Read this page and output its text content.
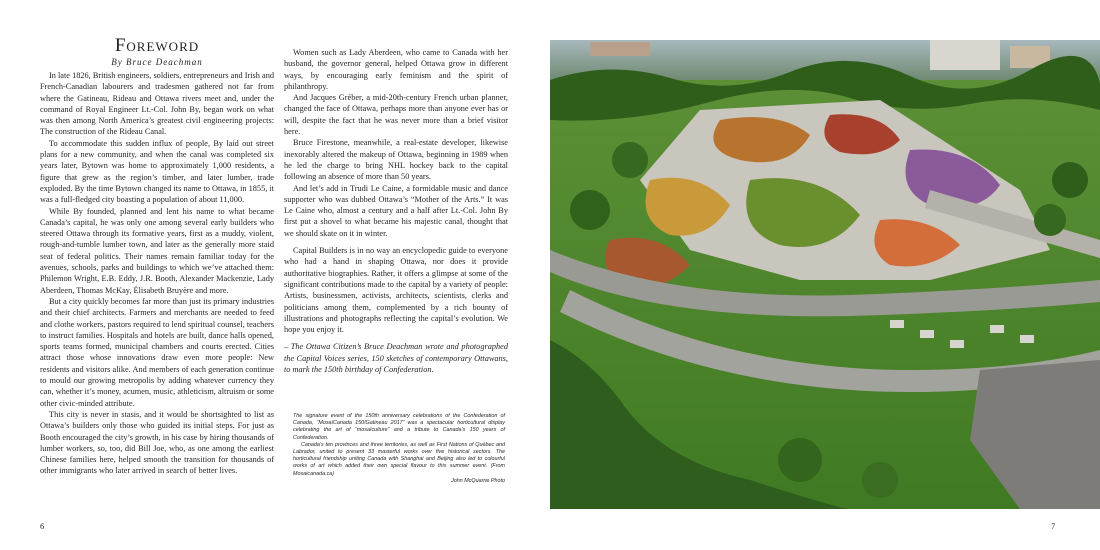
Foreword
By Bruce Deachman

In late 1826, British engineers, soldiers, entrepreneurs and Irish and French-Canadian labourers and tradesmen gathered not far from where the Gatineau, Rideau and Ottawa rivers meet and, under the command of Royal Engineer Lt.-Col. John By, began work on what was then among North America’s greatest civil engineering projects: The construction of the Rideau Canal.

To accommodate this sudden influx of people, By laid out street plans for a new community, and when the canal was completed six years later, Bytown was home to approximately 1,000 residents, a figure that grew as the region’s timber, and later lumber, trade exploded. By the time Bytown changed its name to Ottawa, in 1855, it was a full-fledged city boasting a population of about 11,000.

While By founded, planned and lent his name to what became Canada’s capital, he was only one among several early builders who steered Ottawa through its formative years, first as a muddy, violent, rough-and-tumble lumber town, and later as the generally more staid seat of federal politics. Their names remain familiar today for the avenues, schools, parks and buildings to which we’ve attached them: Philemon Wright, E.B. Eddy, J.R. Booth, Alexander Mackenzie, Lady Aberdeen, Thomas McKay, Élisabeth Bruyère and more.

But a city quickly becomes far more than just its primary industries and their chief architects. Farmers and merchants are needed to feed and clothe workers, pastors required to lend spiritual counsel, teachers to instruct families. Hospitals and hotels are built, dance halls opened, sports teams formed, municipal chambers and courts erected. Cities attract those whose innovations draw even more people: New residents and visitors alike. And members of each generation continue to mould our growing metropolis by adding whatever currency they can, whether it’s money, acumen, music, athleticism, altruism or some other civic-minded attribute.

This city is never in stasis, and it would be shortsighted to list as Ottawa’s builders only those who guided its initial steps. For just as Booth encouraged the city’s growth, in his case by hiring thousands of lumber workers, so, too, did Bill Joe, who, as one among the earliest Chinese families here, helped smooth the transition for thousands of other immigrants who later arrived in search of better lives.

Women such as Lady Aberdeen, who came to Canada with her husband, the governor general, helped Ottawa grow in different ways, by encouraging early feminism and the spirit of philanthropy.

And Jacques Gréber, a mid-20th-century French urban planner, changed the face of Ottawa, perhaps more than anyone ever has or will, despite the fact that he was never more than a brief visitor here.

Bruce Firestone, meanwhile, a real-estate developer, likewise inexorably altered the makeup of Ottawa, beginning in 1989 when he led the charge to bring NHL hockey back to the capital following an absence of more than 50 years.

And let’s add in Trudi Le Caine, a formidable music and dance supporter who was dubbed Ottawa’s “Mother of the Arts.” It was Le Caine who, almost a century and a half after Lt.-Col. John By first put a shovel to what became his majestic canal, thought that we should skate on it in winter.

Capital Builders is in no way an encyclopedic guide to everyone who had a hand in shaping Ottawa, nor does it provide authoritative biographies. Rather, it offers a glimpse at some of the significant contributions made to the capital by a variety of people: Artists, businessmen, activists, architects, scientists, clerks and politicians among them, complemented by a rich bounty of illustrations and photographs reflecting the capital’s evolution. We hope you enjoy it.

– The Ottawa Citizen’s Bruce Deachman wrote and photographed the Capital Voices series, 150 sketches of contemporary Ottawans, to mark the 150th birthday of Confederation.

The signature event of the 150th anniversary celebrations of the Confederation of Canada, “MosaïCanada 150/Gatineau 2017” was a spectacular horticultural display celebrating the art of “mosaïculture” and a tribute to Canada’s 150 years of Confederation.

Canada’s ten provinces and three territories, as well as First Nations of Québec and Labrador, united to present 33 masterful works over five historical sectors. The horticultural friendship uniting Canada with Shanghai and Beijing also led to colourful works of art which added their own special flavour to this summer event. (From Mosaicanada.ca)

John McQuarrie Photo

6	7
